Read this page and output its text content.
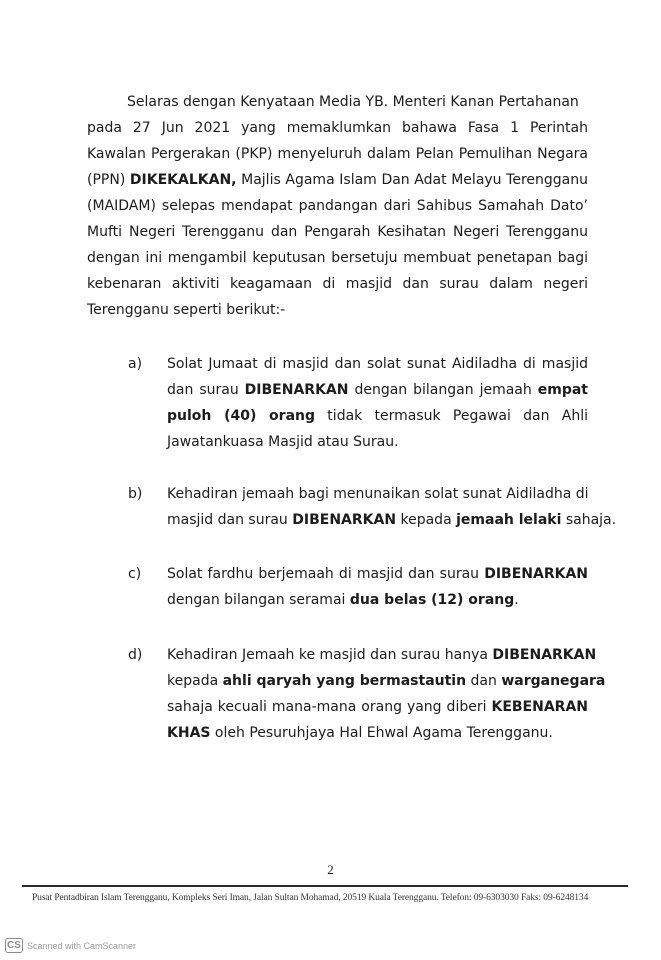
Selaras dengan Kenyataan Media YB. Menteri Kanan Pertahanan
pada 27 Jun 2021 yang memaklumkan bahawa Fasa 1 Perintah
Kawalan Pergerakan (PKP) menyeluruh dalam Pelan Pemulihan Negara
(PPN) DIKEKALKAN, Majlis Agama Islam Dan Adat Melayu Terengganu
(MAIDAM) selepas mendapat pandangan dari Sahibus Samahah Dato’
Mufti Negeri Terengganu dan Pengarah Kesihatan Negeri Terengganu
dengan ini mengambil keputusan bersetuju membuat penetapan bagi
kebenaran aktiviti keagamaan di masjid dan surau dalam negeri
Terengganu seperti berikut:-
a) Solat Jumaat di masjid dan solat sunat Aidiladha di masjid
dan surau DIBENARKAN dengan bilangan jemaah empat
puloh (40) orang tidak termasuk Pegawai dan Ahli
Jawatankuasa Masjid atau Surau.
b) Kehadiran jemaah bagi menunaikan solat sunat Aidiladha di
masjid dan surau DIBENARKAN kepada jemaah lelaki sahaja.
c) Solat fardhu berjemaah di masjid dan surau DIBENARKAN
dengan bilangan seramai dua belas (12) orang.
d) Kehadiran Jemaah ke masjid dan surau hanya DIBENARKAN
kepada ahli qaryah yang bermastautin dan warganegara
sahaja kecuali mana-mana orang yang diberi KEBENARAN
KHAS oleh Pesuruhjaya Hal Ehwal Agama Terengganu.
2
Pusat Pentadbiran Islam Terengganu, Kompleks Seri Iman, Jalan Sultan Mohamad, 20519 Kuala Terengganu. Telefon: 09-6303030 Faks: 09-6248134
CS Scanned with CamScanner
